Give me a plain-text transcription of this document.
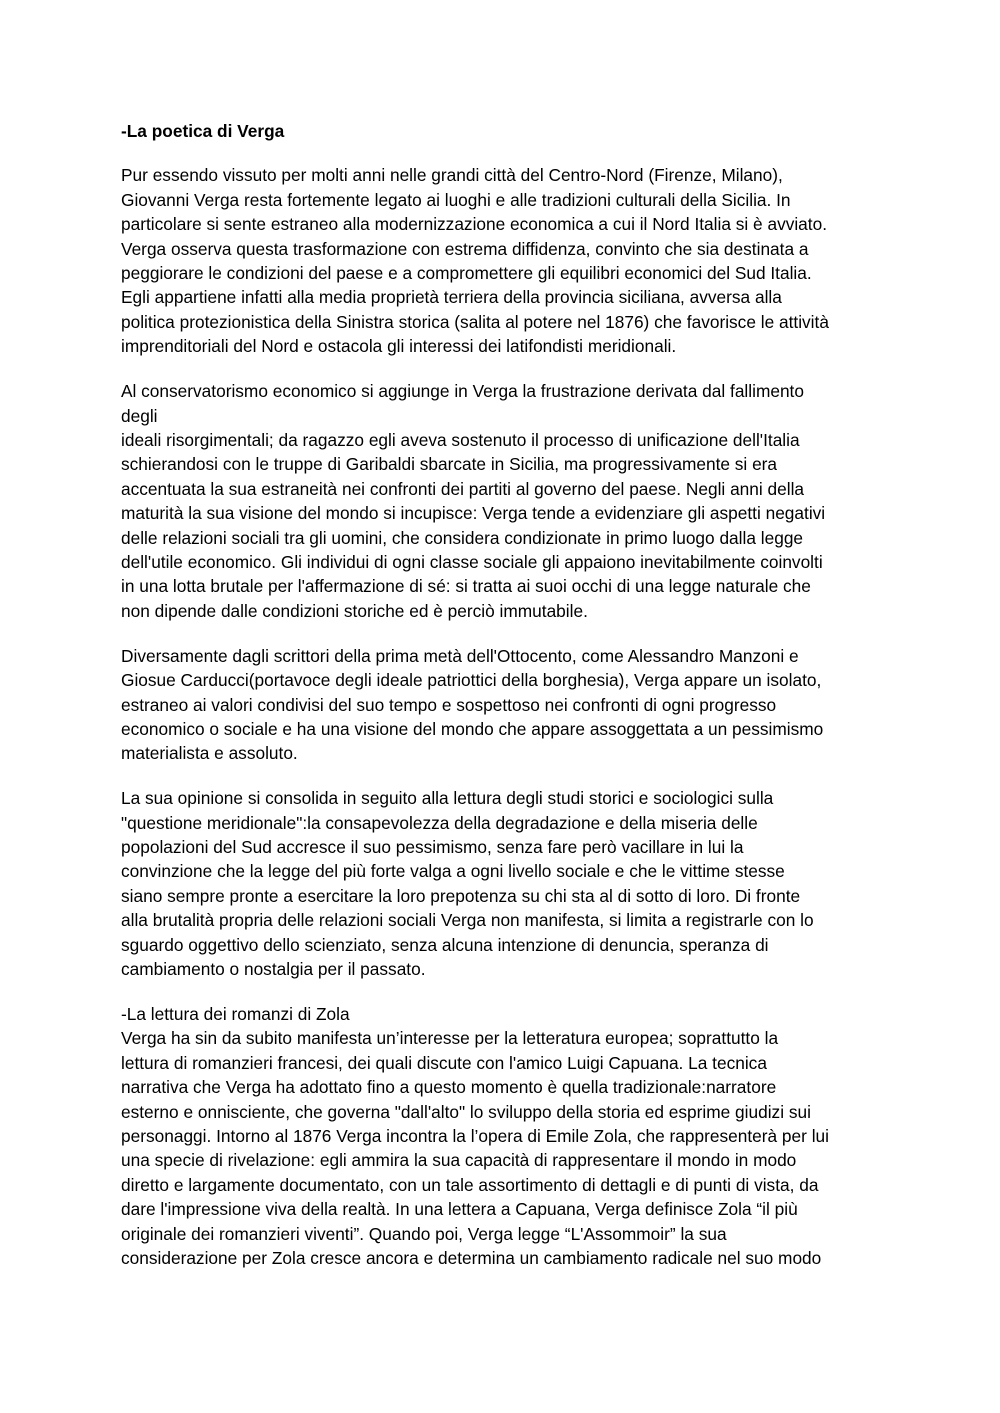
-La poetica di Verga
Pur essendo vissuto per molti anni nelle grandi città del Centro-Nord (Firenze, Milano),
Giovanni Verga resta fortemente legato ai luoghi e alle tradizioni culturali della Sicilia. In
particolare si sente estraneo alla modernizzazione economica a cui il Nord Italia si è avviato.
Verga osserva questa trasformazione con estrema diffidenza, convinto che sia destinata a
peggiorare le condizioni del paese e a compromettere gli equilibri economici del Sud Italia.
Egli appartiene infatti alla media proprietà terriera della provincia siciliana, avversa alla
politica protezionistica della Sinistra storica (salita al potere nel 1876) che favorisce le attività
imprenditoriali del Nord e ostacola gli interessi dei latifondisti meridionali.
Al conservatorismo economico si aggiunge in Verga la frustrazione derivata dal fallimento
degli
ideali risorgimentali; da ragazzo egli aveva sostenuto il processo di unificazione dell'Italia
schierandosi con le truppe di Garibaldi sbarcate in Sicilia, ma progressivamente si era
accentuata la sua estraneità nei confronti dei partiti al governo del paese. Negli anni della
maturità la sua visione del mondo si incupisce: Verga tende a evidenziare gli aspetti negativi
delle relazioni sociali tra gli uomini, che considera condizionate in primo luogo dalla legge
dell'utile economico. Gli individui di ogni classe sociale gli appaiono inevitabilmente coinvolti
in una lotta brutale per l'affermazione di sé: si tratta ai suoi occhi di una legge naturale che
non dipende dalle condizioni storiche ed è perciò immutabile.
Diversamente dagli scrittori della prima metà dell'Ottocento, come Alessandro Manzoni e
Giosue Carducci(portavoce degli ideale patriottici della borghesia), Verga appare un isolato,
estraneo ai valori condivisi del suo tempo e sospettoso nei confronti di ogni progresso
economico o sociale e ha una visione del mondo che appare assoggettata a un pessimismo
materialista e assoluto.
La sua opinione si consolida in seguito alla lettura degli studi storici e sociologici sulla
"questione meridionale":la consapevolezza della degradazione e della miseria delle
popolazioni del Sud accresce il suo pessimismo, senza fare però vacillare in lui la
convinzione che la legge del più forte valga a ogni livello sociale e che le vittime stesse
siano sempre pronte a esercitare la loro prepotenza su chi sta al di sotto di loro. Di fronte
alla brutalità propria delle relazioni sociali Verga non manifesta, si limita a registrarle con lo
sguardo oggettivo dello scienziato, senza alcuna intenzione di denuncia, speranza di
cambiamento o nostalgia per il passato.
-La lettura dei romanzi di Zola
Verga ha sin da subito manifesta un’interesse per la letteratura europea; soprattutto la
lettura di romanzieri francesi, dei quali discute con l'amico Luigi Capuana. La tecnica
narrativa che Verga ha adottato fino a questo momento è quella tradizionale:narratore
esterno e onnisciente, che governa "dall'alto" lo sviluppo della storia ed esprime giudizi sui
personaggi. Intorno al 1876 Verga incontra la l’opera di Emile Zola, che rappresenterà per lui
una specie di rivelazione: egli ammira la sua capacità di rappresentare il mondo in modo
diretto e largamente documentato, con un tale assortimento di dettagli e di punti di vista, da
dare l'impressione viva della realtà. In una lettera a Capuana, Verga definisce Zola “il più
originale dei romanzieri viventi”. Quando poi, Verga legge “L'Assommoir” la sua
considerazione per Zola cresce ancora e determina un cambiamento radicale nel suo modo
